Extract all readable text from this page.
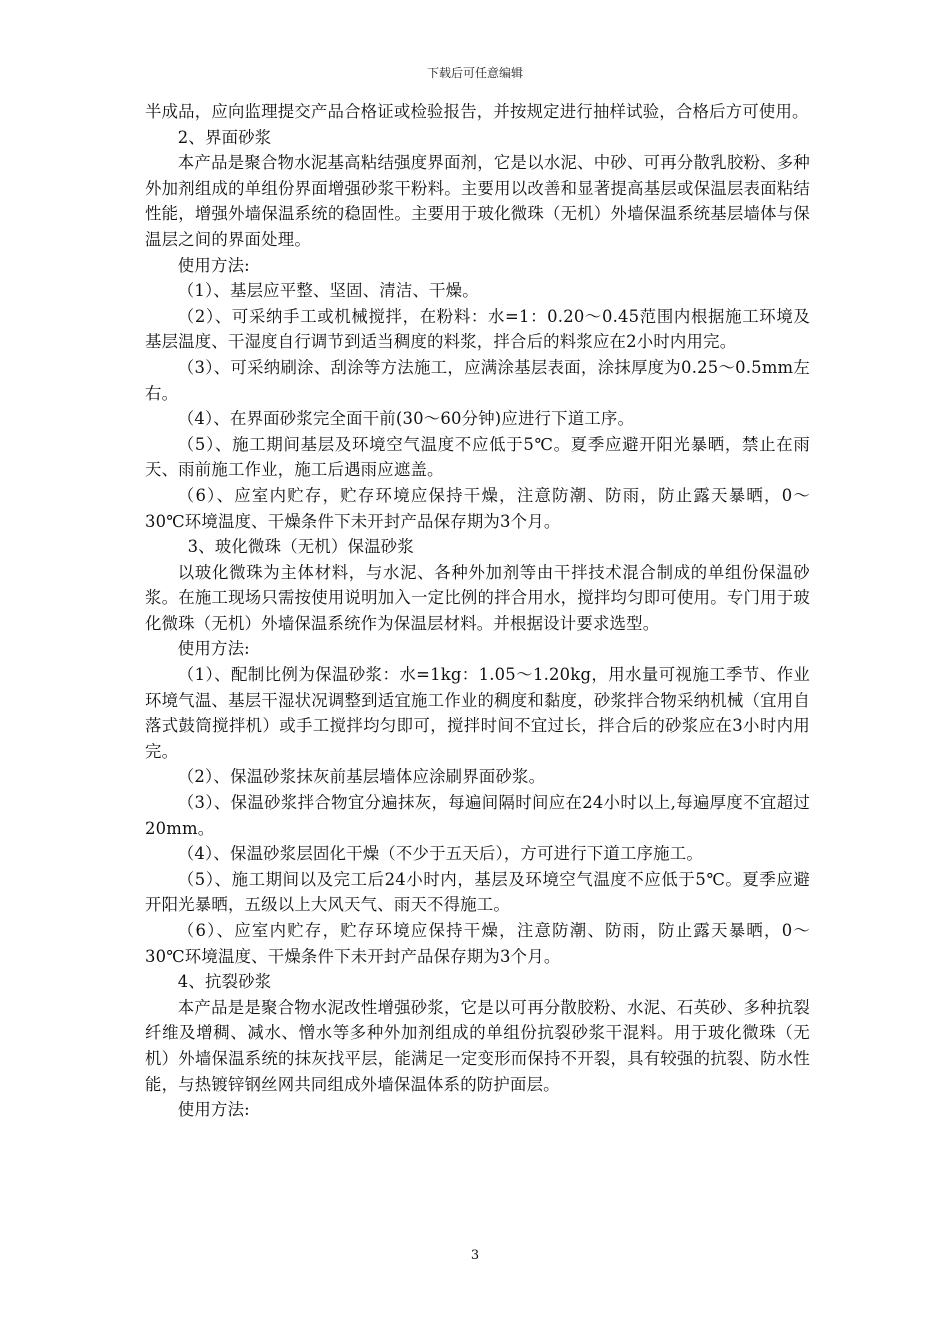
下载后可任意编辑

半成品，应向监理提交产品合格证或检验报告，并按规定进行抽样试验，合格后方可使用。

2、界面砂浆

本产品是聚合物水泥基高粘结强度界面剂，它是以水泥、中砂、可再分散乳胶粉、多种外加剂组成的单组份界面增强砂浆干粉料。主要用以改善和显著提高基层或保温层表面粘结性能，增强外墙保温系统的稳固性。主要用于玻化微珠（无机）外墙保温系统基层墙体与保温层之间的界面处理。

使用方法:

（1）、基层应平整、坚固、清洁、干燥。

（2）、可采纳手工或机械搅拌，在粉料：水=1：0.20～0.45范围内根据施工环境及基层温度、干湿度自行调节到适当稠度的料浆，拌合后的料浆应在2小时内用完。

（3）、可采纳刷涂、刮涂等方法施工，应满涂基层表面，涂抹厚度为0.25～0.5mm左右。

（4）、在界面砂浆完全面干前(30～60分钟)应进行下道工序。

（5）、施工期间基层及环境空气温度不应低于5℃。夏季应避开阳光暴晒，禁止在雨天、雨前施工作业，施工后遇雨应遮盖。

（6）、应室内贮存，贮存环境应保持干燥，注意防潮、防雨，防止露天暴晒，0～30℃环境温度、干燥条件下未开封产品保存期为3个月。

3、玻化微珠（无机）保温砂浆

以玻化微珠为主体材料，与水泥、各种外加剂等由干拌技术混合制成的单组份保温砂浆。在施工现场只需按使用说明加入一定比例的拌合用水，搅拌均匀即可使用。专门用于玻化微珠（无机）外墙保温系统作为保温层材料。并根据设计要求选型。

使用方法:

（1）、配制比例为保温砂浆：水=1kg：1.05～1.20kg，用水量可视施工季节、作业环境气温、基层干湿状况调整到适宜施工作业的稠度和黏度，砂浆拌合物采纳机械（宜用自落式鼓筒搅拌机）或手工搅拌均匀即可，搅拌时间不宜过长，拌合后的砂浆应在3小时内用完。

（2）、保温砂浆抹灰前基层墙体应涂刷界面砂浆。

（3）、保温砂浆拌合物宜分遍抹灰，每遍间隔时间应在24小时以上,每遍厚度不宜超过20mm。

（4）、保温砂浆层固化干燥（不少于五天后），方可进行下道工序施工。

（5）、施工期间以及完工后24小时内，基层及环境空气温度不应低于5℃。夏季应避开阳光暴晒，五级以上大风天气、雨天不得施工。

（6）、应室内贮存，贮存环境应保持干燥，注意防潮、防雨，防止露天暴晒，0～30℃环境温度、干燥条件下未开封产品保存期为3个月。

4、抗裂砂浆

本产品是是聚合物水泥改性增强砂浆，它是以可再分散胶粉、水泥、石英砂、多种抗裂纤维及增稠、减水、憎水等多种外加剂组成的单组份抗裂砂浆干混料。用于玻化微珠（无机）外墙保温系统的抹灰找平层，能满足一定变形而保持不开裂，具有较强的抗裂、防水性能，与热镀锌钢丝网共同组成外墙保温体系的防护面层。

使用方法:

3
